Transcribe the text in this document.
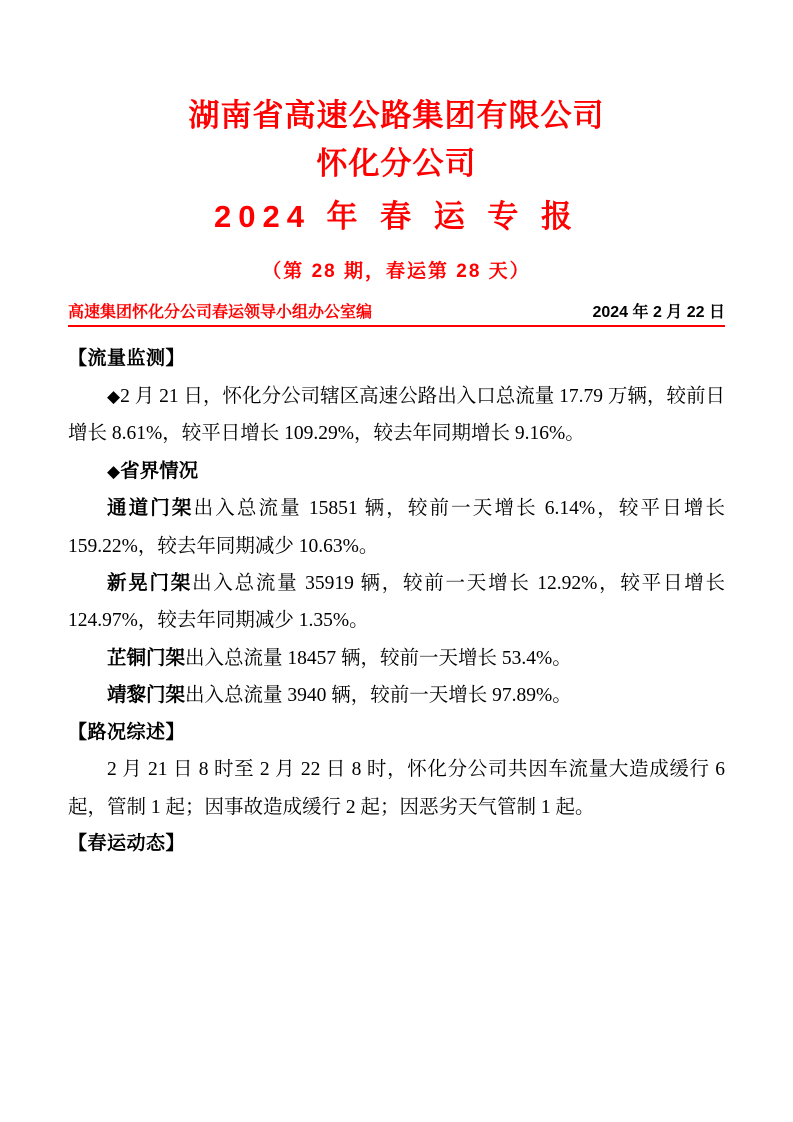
湖南省高速公路集团有限公司
怀化分公司
2024 年 春 运 专 报
（第 28 期，春运第 28 天）
高速集团怀化分公司春运领导小组办公室编	2024 年 2 月 22 日
【流量监测】
◆2 月 21 日，怀化分公司辖区高速公路出入口总流量 17.79 万辆，较前日增长 8.61%，较平日增长 109.29%，较去年同期增长 9.16%。
◆省界情况
通道门架出入总流量 15851 辆，较前一天增长 6.14%，较平日增长 159.22%，较去年同期减少 10.63%。
新晃门架出入总流量 35919 辆，较前一天增长 12.92%，较平日增长 124.97%，较去年同期减少 1.35%。
芷铜门架出入总流量 18457 辆，较前一天增长 53.4%。
靖黎门架出入总流量 3940 辆，较前一天增长 97.89%。
【路况综述】
2 月 21 日 8 时至 2 月 22 日 8 时，怀化分公司共因车流量大造成缓行 6 起，管制 1 起；因事故造成缓行 2 起；因恶劣天气管制 1 起。
【春运动态】
